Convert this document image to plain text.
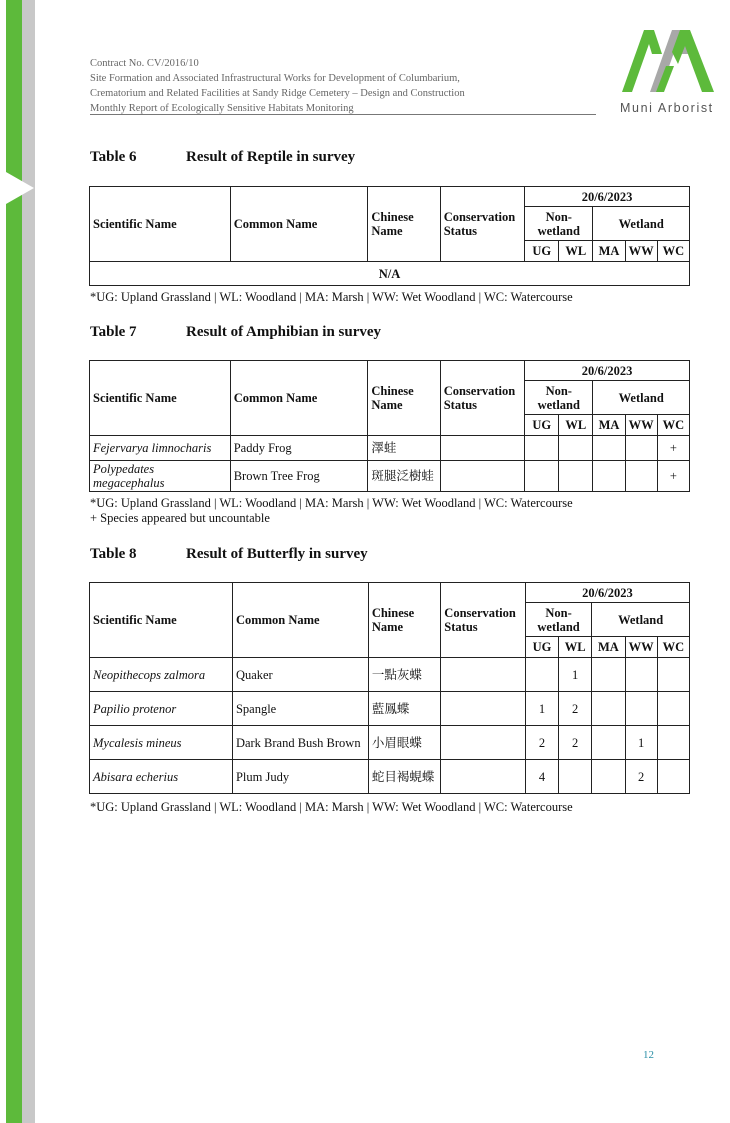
Contract No. CV/2016/10
Site Formation and Associated Infrastructural Works for Development of Columbarium,
Crematorium and Related Facilities at Sandy Ridge Cemetery – Design and Construction
Monthly Report of Ecologically Sensitive Habitats Monitoring	Muni Arborist
Table 6	Result of Reptile in survey
Scientific Name	Common Name	Chinese Name	Conservation Status	20/6/2023				
				Non-wetland		Wetland		
				UG	WL	MA	WW	WC
N/A								
*UG: Upland Grassland | WL: Woodland | MA: Marsh | WW: Wet Woodland | WC: Watercourse
Table 7	Result of Amphibian in survey
Scientific Name	Common Name	Chinese Name	Conservation Status	20/6/2023				
				Non-wetland		Wetland		
				UG	WL	MA	WW	WC
Fejervarya limnocharis	Paddy Frog	澤蛙						+
Polypedates megacephalus	Brown Tree Frog	斑腿泛樹蛙						+
*UG: Upland Grassland | WL: Woodland | MA: Marsh | WW: Wet Woodland | WC: Watercourse
+ Species appeared but uncountable
Table 8	Result of Butterfly in survey
Scientific Name	Common Name	Chinese Name	Conservation Status	20/6/2023				
				Non-wetland		Wetland		
				UG	WL	MA	WW	WC
Neopithecops zalmora	Quaker	一點灰蝶			1			
Papilio protenor	Spangle	藍鳳蝶		1	2			
Mycalesis mineus	Dark Brand Bush Brown	小眉眼蝶		2	2		1	
Abisara echerius	Plum Judy	蛇目褐蜆蝶		4			2	
*UG: Upland Grassland | WL: Woodland | MA: Marsh | WW: Wet Woodland | WC: Watercourse
12
